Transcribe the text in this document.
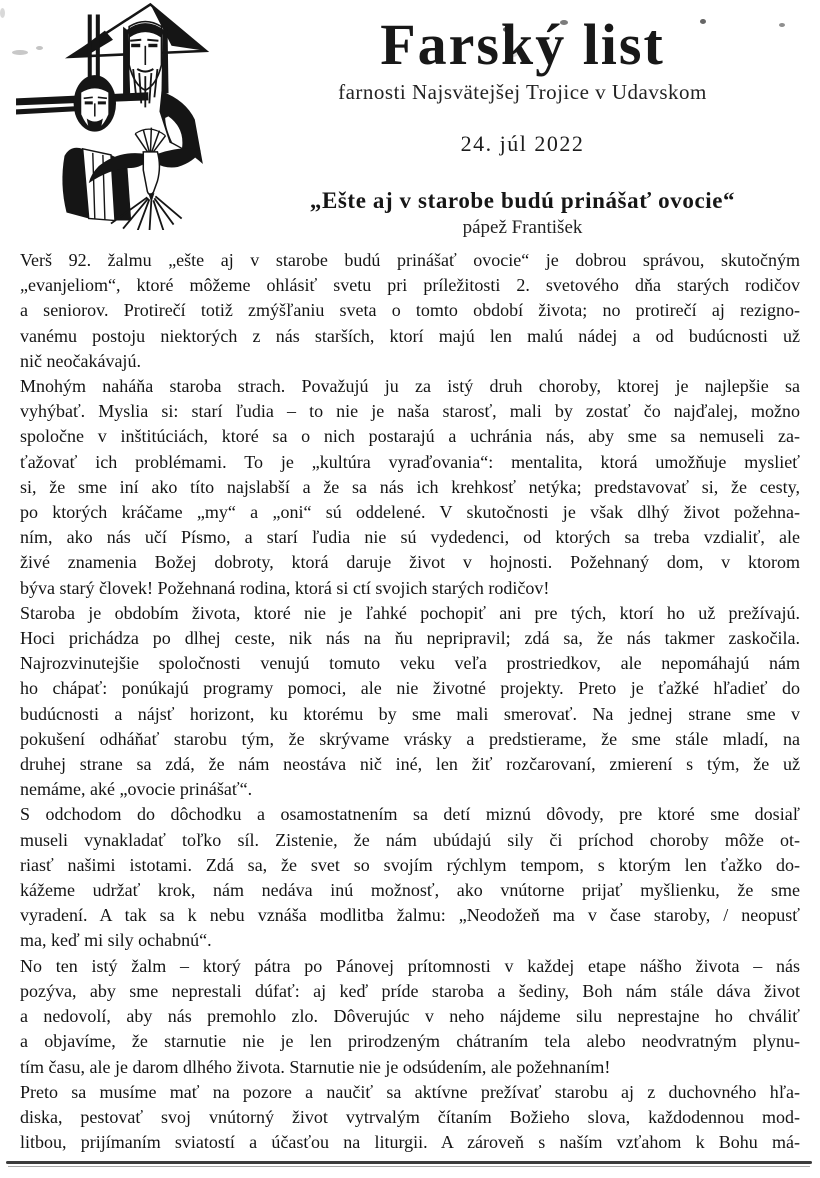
Farský list
farnosti Najsvätejšej Trojice v Udavskom
24. júl 2022
„Ešte aj v starobe budú prinášať ovocie“
pápež František

Verš 92. žalmu „ešte aj v starobe budú prinášať ovocie“ je dobrou správou, skutočným
„evanjeliom“, ktoré môžeme ohlásiť svetu pri príležitosti 2. svetového dňa starých rodičov
a seniorov. Protirečí totiž zmýšľaniu sveta o tomto období života; no protirečí aj rezigno-
vanému postoju niektorých z nás starších, ktorí majú len malú nádej a od budúcnosti už
nič neočakávajú.

Mnohým naháňa staroba strach. Považujú ju za istý druh choroby, ktorej je najlepšie sa
vyhýbať. Myslia si: starí ľudia – to nie je naša starosť, mali by zostať čo najďalej, možno
spoločne v inštitúciách, ktoré sa o nich postarajú a uchránia nás, aby sme sa nemuseli za-
ťažovať ich problémami. To je „kultúra vyraďovania“: mentalita, ktorá umožňuje myslieť
si, že sme iní ako títo najslabší a že sa nás ich krehkosť netýka; predstavovať si, že cesty,
po ktorých kráčame „my“ a „oni“ sú oddelené. V skutočnosti je však dlhý život požehna-
ním, ako nás učí Písmo, a starí ľudia nie sú vydedenci, od ktorých sa treba vzdialiť, ale
živé znamenia Božej dobroty, ktorá daruje život v hojnosti. Požehnaný dom, v ktorom
býva starý človek! Požehnaná rodina, ktorá si ctí svojich starých rodičov!

Staroba je obdobím života, ktoré nie je ľahké pochopiť ani pre tých, ktorí ho už prežívajú.
Hoci prichádza po dlhej ceste, nik nás na ňu nepripravil; zdá sa, že nás takmer zaskočila.
Najrozvinutejšie spoločnosti venujú tomuto veku veľa prostriedkov, ale nepomáhajú nám
ho chápať: ponúkajú programy pomoci, ale nie životné projekty. Preto je ťažké hľadieť do
budúcnosti a nájsť horizont, ku ktorému by sme mali smerovať. Na jednej strane sme v
pokušení odháňať starobu tým, že skrývame vrásky a predstierame, že sme stále mladí, na
druhej strane sa zdá, že nám neostáva nič iné, len žiť rozčarovaní, zmierení s tým, že už
nemáme, aké „ovocie prinášať“.

S odchodom do dôchodku a osamostatnením sa detí miznú dôvody, pre ktoré sme dosiaľ
museli vynakladať toľko síl. Zistenie, že nám ubúdajú sily či príchod choroby môže ot-
riasť našimi istotami. Zdá sa, že svet so svojím rýchlym tempom, s ktorým len ťažko do-
kážeme udržať krok, nám nedáva inú možnosť, ako vnútorne prijať myšlienku, že sme
vyradení. A tak sa k nebu vznáša modlitba žalmu: „Neodožeň ma v čase staroby, / neopusť
ma, keď mi sily ochabnú“.

No ten istý žalm – ktorý pátra po Pánovej prítomnosti v každej etape nášho života – nás
pozýva, aby sme neprestali dúfať: aj keď príde staroba a šediny, Boh nám stále dáva život
a nedovolí, aby nás premohlo zlo. Dôverujúc v neho nájdeme silu neprestajne ho chváliť
a objavíme, že starnutie nie je len prirodzeným chátraním tela alebo neodvratným plynu-
tím času, ale je darom dlhého života. Starnutie nie je odsúdením, ale požehnaním!

Preto sa musíme mať na pozore a naučiť sa aktívne prežívať starobu aj z duchovného hľa-
diska, pestovať svoj vnútorný život vytrvalým čítaním Božieho slova, každodennou mod-
litbou, prijímaním sviatostí a účasťou na liturgii. A zároveň s naším vzťahom k Bohu má-
